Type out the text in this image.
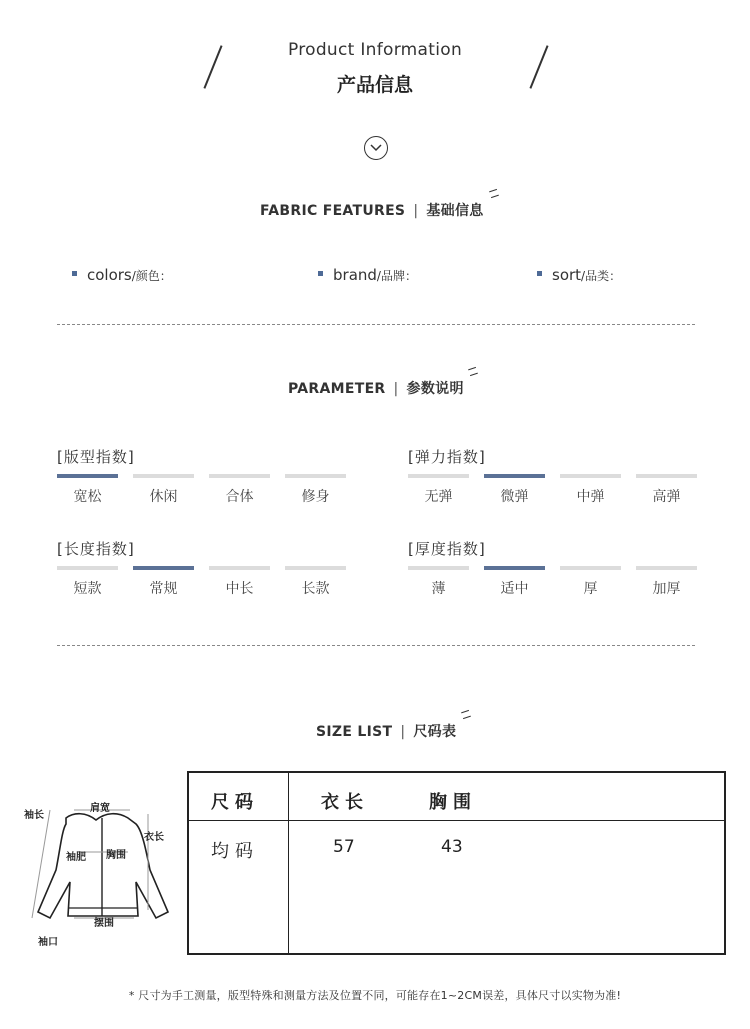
Product Information
产品信息
FABRIC FEATURES | 基础信息
colors/颜色：	brand/品牌：	sort/品类：
PARAMETER | 参数说明
[版型指数]
宽松	休闲	合体	修身
[弹力指数]
无弹	微弹	中弹	高弹
[长度指数]
短款	常规	中长	长款
[厚度指数]
薄	适中	厚	加厚
SIZE LIST | 尺码表
袖长
肩宽
衣长
袖肥 胸围
摆围
袖口
尺码	衣长	胸围
均码	57	43
* 尺寸为手工测量，版型特殊和测量方法及位置不同，可能存在1~2CM误差，具体尺寸以实物为准!
